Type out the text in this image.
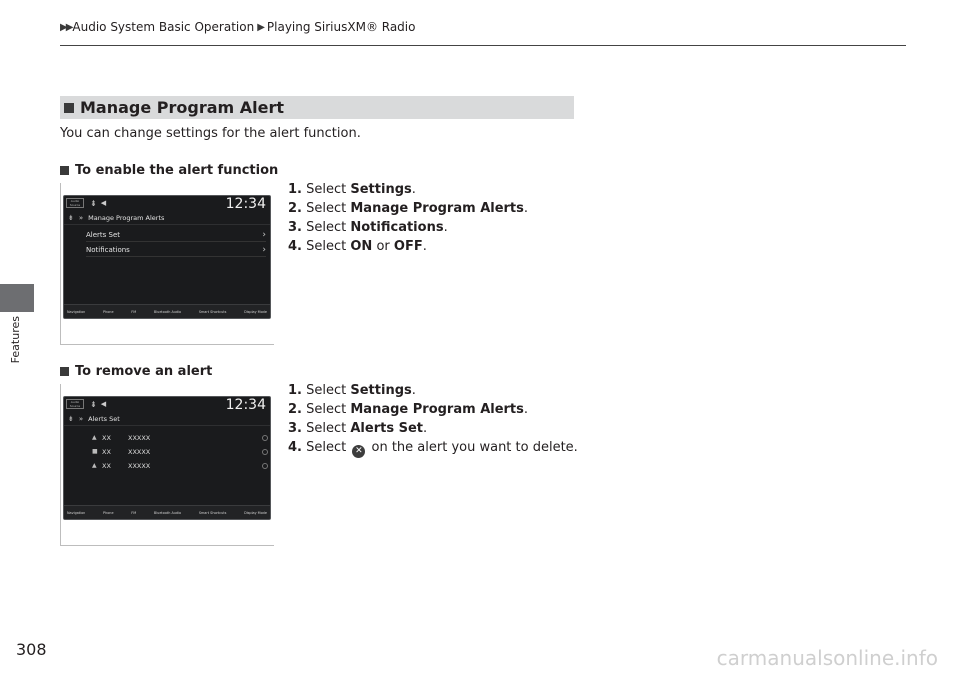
▶▶ Audio System Basic Operation ▶ Playing SiriusXM® Radio
Features
308
Manage Program Alert
You can change settings for the alert function.
To enable the alert function
Audio Source	⇟ ◀	12:34
⇟ » Manage Program Alerts
Alerts Set	›
Notifications	›
Navigation	Phone	FM	Bluetooth Audio	Smart Shortcuts	Display Mode
1. Select Settings.
2. Select Manage Program Alerts.
3. Select Notifications.
4. Select ON or OFF.
To remove an alert
Audio Source	⇟ ◀	12:34
⇟ » Alerts Set
▲ XX	XXXXX
■ XX	XXXXX
▲ XX	XXXXX
Navigation	Phone	FM	Bluetooth Audio	Smart Shortcuts	Display Mode
1. Select Settings.
2. Select Manage Program Alerts.
3. Select Alerts Set.
4. Select ✕ on the alert you want to delete.
carmanualsonline.info
